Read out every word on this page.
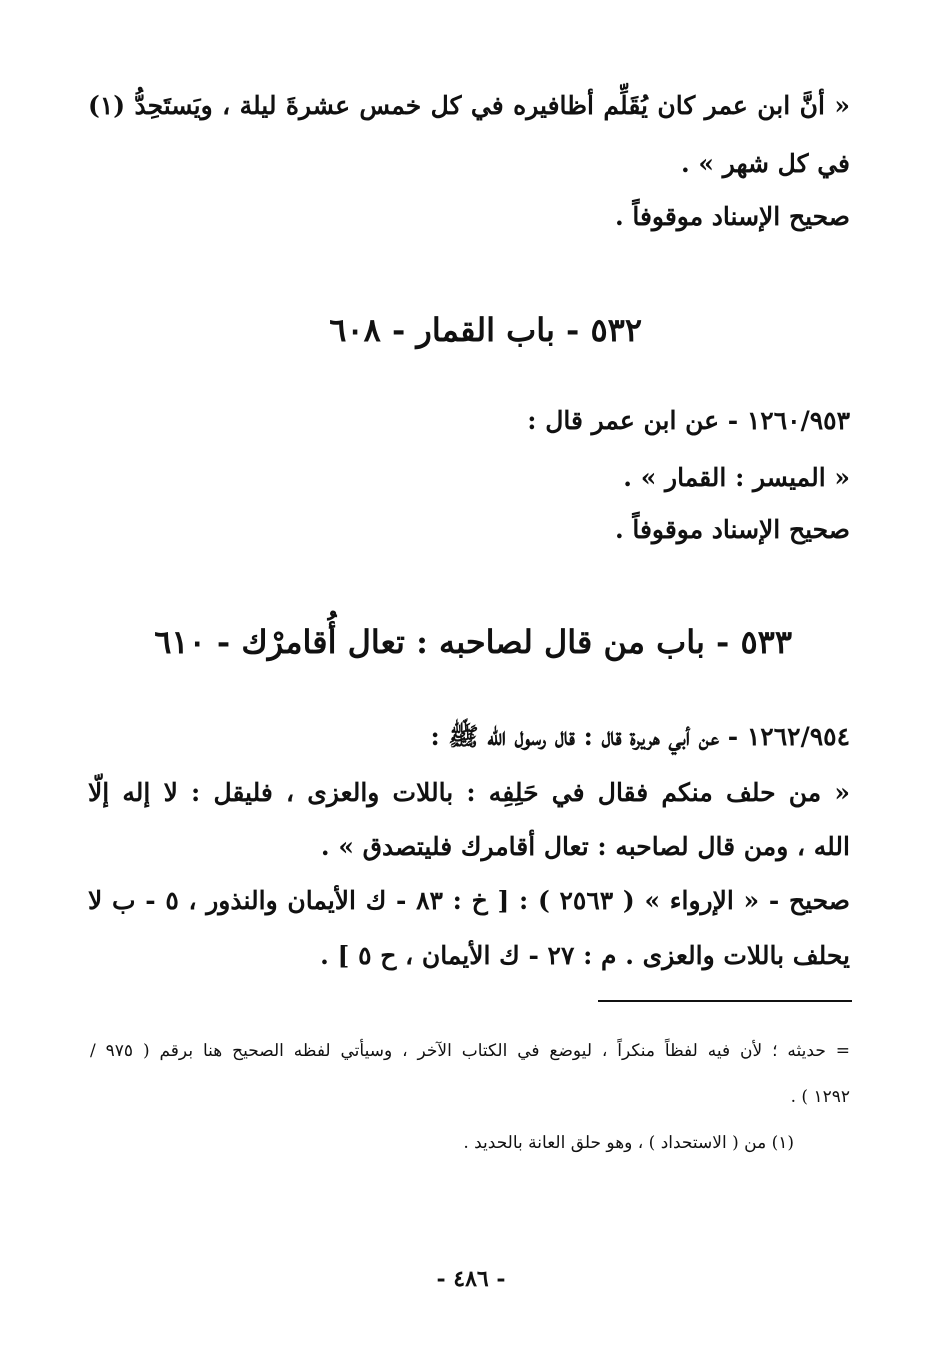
« أنَّ ابن عمر كان يُقَلِّم أظافيره في كل خمس عشرةَ ليلة ، ويَستَحِدُّ (١)
في كل شهر » .
صحيح الإسناد موقوفاً .
٥٣٢ - باب القمار - ٦٠٨
١٢٦٠/٩٥٣ - عن ابن عمر قال :
« الميسر : القمار » .
صحيح الإسناد موقوفاً .
٥٣٣ - باب من قال لصاحبه : تعال أُقامرْك - ٦١٠
١٢٦٢/٩٥٤ - عن أبي هريرة قال : قال رسول الله ﷺ :
« من حلف منكم فقال في حَلِفِه : باللات والعزى ، فليقل : لا إله إلّا
الله ، ومن قال لصاحبه : تعال أقامرك فليتصدق » .
صحيح - « الإرواء » ( ٢٥٦٣ ) : [ خ : ٨٣ - ك الأيمان والنذور ، ٥ - ب لا
يحلف باللات والعزى . م : ٢٧ - ك الأيمان ، ح ٥ ] .
= حديثه ؛ لأن فيه لفظاً منكراً ، ليوضع في الكتاب الآخر ، وسيأتي لفظه الصحيح هنا برقم ( ٩٧٥ /
١٢٩٢ ) .
(١) من ( الاستحداد ) ، وهو حلق العانة بالحديد .
- ٤٨٦ -
